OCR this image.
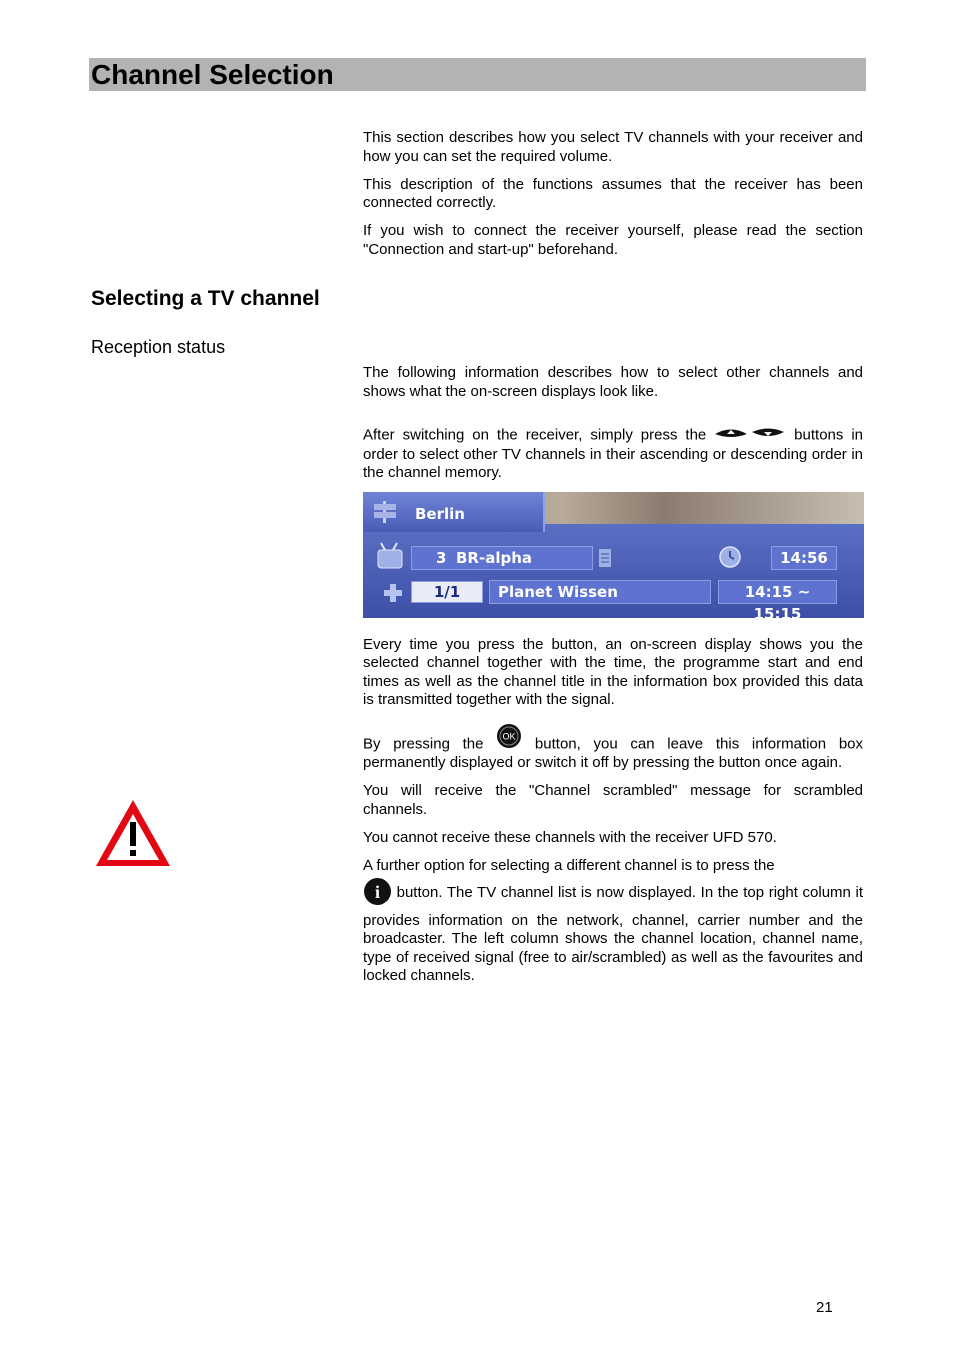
Channel Selection
Selecting a TV channel
Reception status

This section describes how you select TV channels with your receiver and how you can set the required volume.

This description of the functions assumes that the receiver has been connected correctly.

If you wish to connect the receiver yourself, please read the section "Connection and start-up" beforehand.

The following information describes how to select other channels and shows what the on-screen displays look like.

After switching on the receiver, simply press the	buttons in order to select other TV channels in their ascending or descending order in the channel memory.

Berlin
3 BR-alpha	14:56
1/1	Planet Wissen	14:15 ~ 15:15

Every time you press the button, an on-screen display shows you the selected channel together with the time, the programme start and end times as well as the channel title in the information box provided this data is transmitted together with the signal.

By pressing the OK button, you can leave this information box permanently displayed or switch it off by pressing the button once again.

You will receive the "Channel scrambled" message for scrambled channels.

You cannot receive these channels with the receiver UFD 570.

A further option for selecting a different channel is to press the

i button. The TV channel list is now displayed. In the top right column it provides information on the network, channel, carrier number and the broadcaster. The left column shows the channel location, channel name, type of received signal (free to air/scrambled) as well as the favourites and locked channels.

21
